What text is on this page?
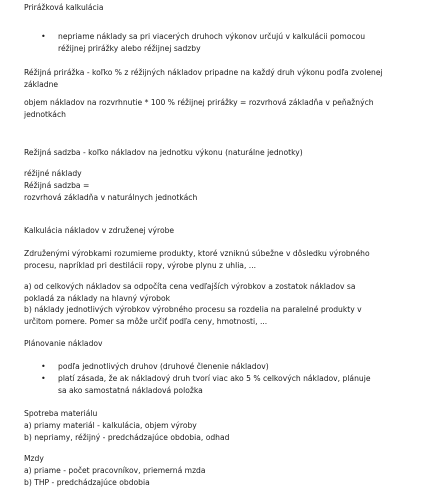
Prirážková kalkulácia
• nepriame náklady sa pri viacerých druhoch výkonov určujú v kalkulácii pomocou
réžijnej prirážky alebo réžijnej sadzby
Réžijná prirážka - koľko % z réžijných nákladov pripadne na každý druh výkonu podľa zvolenej
základne
objem nákladov na rozvrhnutie * 100 % réžijnej prirážky = rozvrhová základňa v peňažných
jednotkách
Režijná sadzba - koľko nákladov na jednotku výkonu (naturálne jednotky)
réžijné náklady
Réžijná sadzba =
rozvrhová základňa v naturálnych jednotkách
Kalkulácia nákladov v združenej výrobe
Združenými výrobkami rozumieme produkty, ktoré vzniknú súbežne v dôsledku výrobného
procesu, napríklad pri destilácii ropy, výrobe plynu z uhlia, ...
a) od celkových nákladov sa odpočíta cena vedľajších výrobkov a zostatok nákladov sa
pokladá za náklady na hlavný výrobok
b) náklady jednotlivých výrobkov výrobného procesu sa rozdelia na paralelné produkty v
určitom pomere. Pomer sa môže určiť podľa ceny, hmotnosti, ...
Plánovanie nákladov
• podľa jednotlivých druhov (druhové členenie nákladov)
• platí zásada, že ak nákladový druh tvorí viac ako 5 % celkových nákladov, plánuje
sa ako samostatná nákladová položka
Spotreba materiálu
a) priamy materiál - kalkulácia, objem výroby
b) nepriamy, réžijný - predchádzajúce obdobia, odhad
Mzdy
a) priame - počet pracovníkov, priemerná mzda
b) THP - predchádzajúce obdobia
